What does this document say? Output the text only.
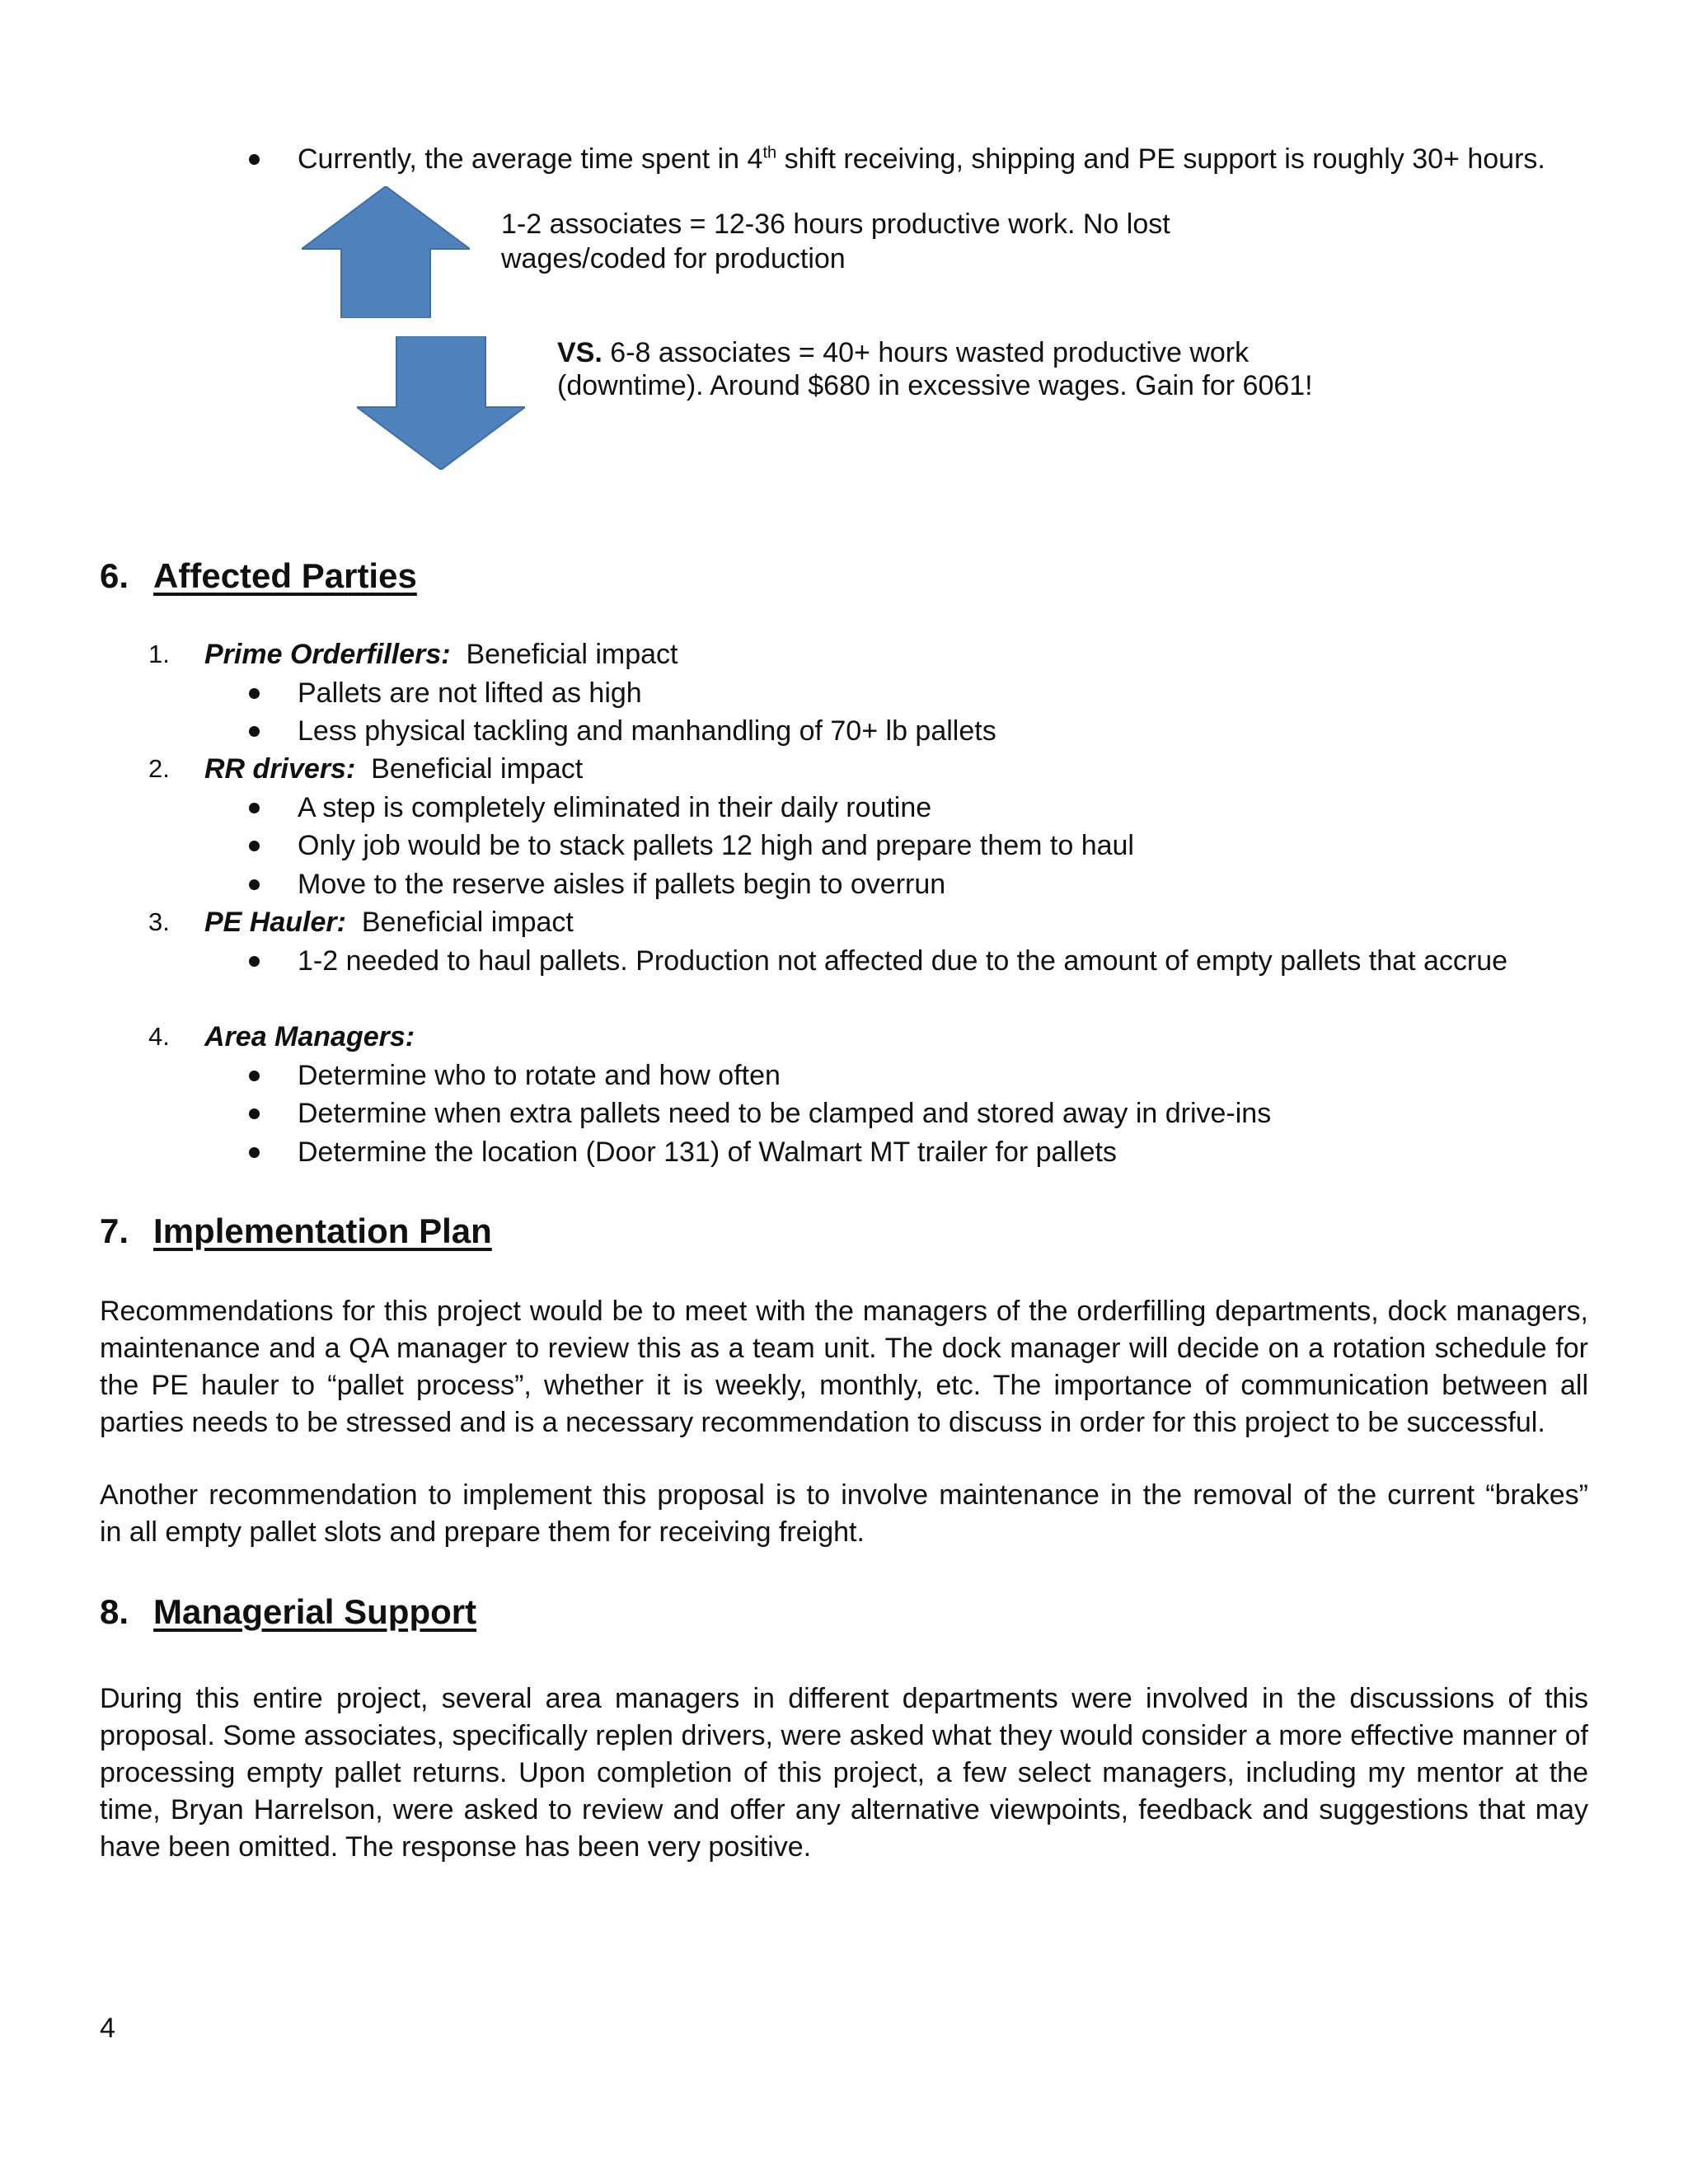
Currently, the average time spent in 4th shift receiving, shipping and PE support is roughly 30+ hours.
1-2 associates = 12-36 hours productive work. No lost
wages/coded for production
VS. 6-8 associates = 40+ hours wasted productive work
(downtime). Around $680 in excessive wages. Gain for 6061!
6. Affected Parties
1. Prime Orderfillers:  Beneficial impact
Pallets are not lifted as high
Less physical tackling and manhandling of 70+ lb pallets
2. RR drivers:  Beneficial impact
A step is completely eliminated in their daily routine
Only job would be to stack pallets 12 high and prepare them to haul
Move to the reserve aisles if pallets begin to overrun
3. PE Hauler:  Beneficial impact
1-2 needed to haul pallets. Production not affected due to the amount of empty pallets that accrue
4. Area Managers:
Determine who to rotate and how often
Determine when extra pallets need to be clamped and stored away in drive-ins
Determine the location (Door 131) of Walmart MT trailer for pallets
7. Implementation Plan
Recommendations for this project would be to meet with the managers of the orderfilling departments, dock managers,
maintenance and a QA manager to review this as a team unit. The dock manager will decide on a rotation schedule for
the PE hauler to “pallet process”, whether it is weekly, monthly, etc. The importance of communication between all
parties needs to be stressed and is a necessary recommendation to discuss in order for this project to be successful.
Another recommendation to implement this proposal is to involve maintenance in the removal of the current “brakes”
in all empty pallet slots and prepare them for receiving freight.
8. Managerial Support
During this entire project, several area managers in different departments were involved in the discussions of this
proposal. Some associates, specifically replen drivers, were asked what they would consider a more effective manner of
processing empty pallet returns. Upon completion of this project, a few select managers, including my mentor at the
time, Bryan Harrelson, were asked to review and offer any alternative viewpoints, feedback and suggestions that may
have been omitted. The response has been very positive.
4
